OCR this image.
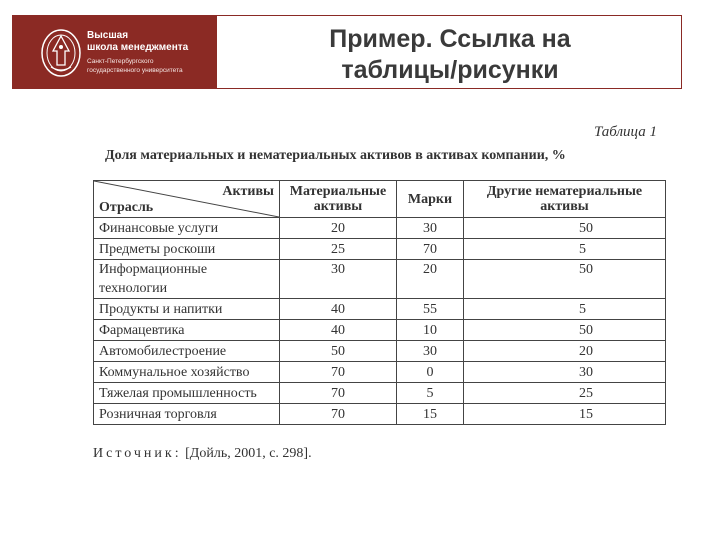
Высшая
школа менеджмента
Санкт-Петербургского
государственного университета
Пример. Ссылка на
таблицы/рисунки
Таблица 1
Доля материальных и нематериальных активов в активах компании, %
Активы
Отрасль	Материальные активы	Марки	Другие нематериальные активы
Финансовые услуги	20	30	50
Предметы роскоши	25	70	5
Информационные технологии	30	20	50
Продукты и напитки	40	55	5
Фармацевтика	40	10	50
Автомобилестроение	50	30	20
Коммунальное хозяйство	70	0	30
Тяжелая промышленность	70	5	25
Розничная торговля	70	15	15
Источник: [Дойль, 2001, с. 298].
